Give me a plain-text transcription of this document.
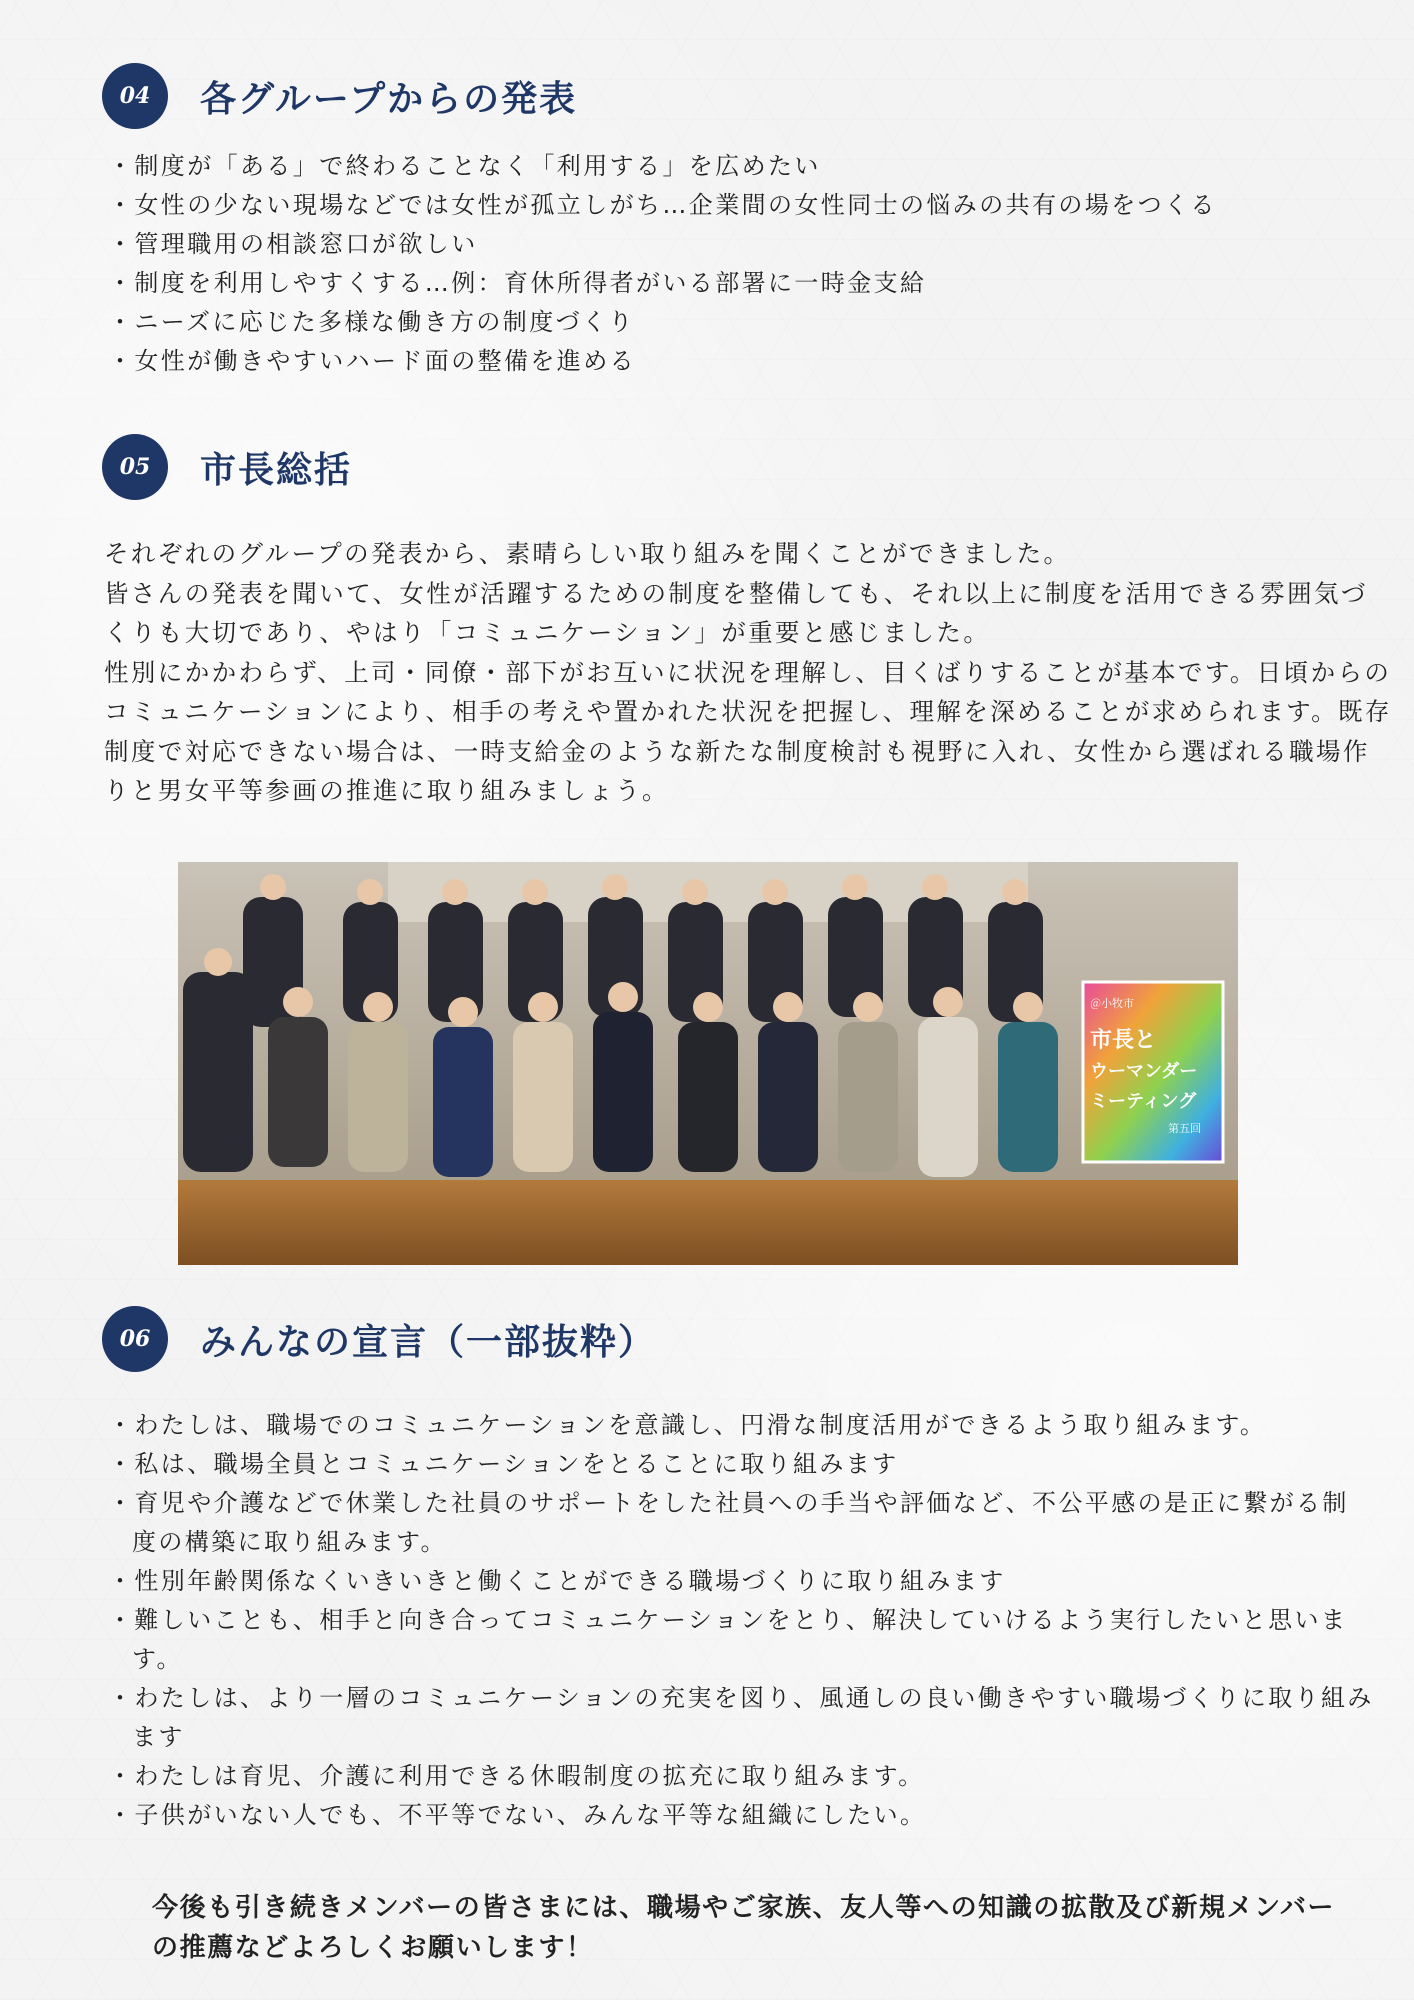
04	各グループからの発表
・制度が「ある」で終わることなく「利用する」を広めたい
・女性の少ない現場などでは女性が孤立しがち…企業間の女性同士の悩みの共有の場をつくる
・管理職用の相談窓口が欲しい
・制度を利用しやすくする…例：育休所得者がいる部署に一時金支給
・ニーズに応じた多様な働き方の制度づくり
・女性が働きやすいハード面の整備を進める
05	市長総括

それぞれのグループの発表から、素晴らしい取り組みを聞くことができました。

皆さんの発表を聞いて、女性が活躍するための制度を整備しても、それ以上に制度を活用できる雰囲気づくりも大切であり、やはり「コミュニケーション」が重要と感じました。

性別にかかわらず、上司・同僚・部下がお互いに状況を理解し、目くばりすることが基本です。日頃からのコミュニケーションにより、相手の考えや置かれた状況を把握し、理解を深めることが求められます。既存制度で対応できない場合は、一時支給金のような新たな制度検討も視野に入れ、女性から選ばれる職場作りと男女平等参画の推進に取り組みましょう。

＠小牧市
市長と
ウーマンダー
ミーティング
第五回
06	みんなの宣言（一部抜粋）
・わたしは、職場でのコミュニケーションを意識し、円滑な制度活用ができるよう取り組みます。
・私は、職場全員とコミュニケーションをとることに取り組みます
・育児や介護などで休業した社員のサポートをした社員への手当や評価など、不公平感の是正に繋がる制度の構築に取り組みます。
・性別年齢関係なくいきいきと働くことができる職場づくりに取り組みます
・難しいことも、相手と向き合ってコミュニケーションをとり、解決していけるよう実行したいと思います。
・わたしは、より一層のコミュニケーションの充実を図り、風通しの良い働きやすい職場づくりに取り組みます
・わたしは育児、介護に利用できる休暇制度の拡充に取り組みます。
・子供がいない人でも、不平等でない、みんな平等な組織にしたい。

今後も引き続きメンバーの皆さまには、職場やご家族、友人等への知識の拡散及び新規メンバーの推薦などよろしくお願いします！
